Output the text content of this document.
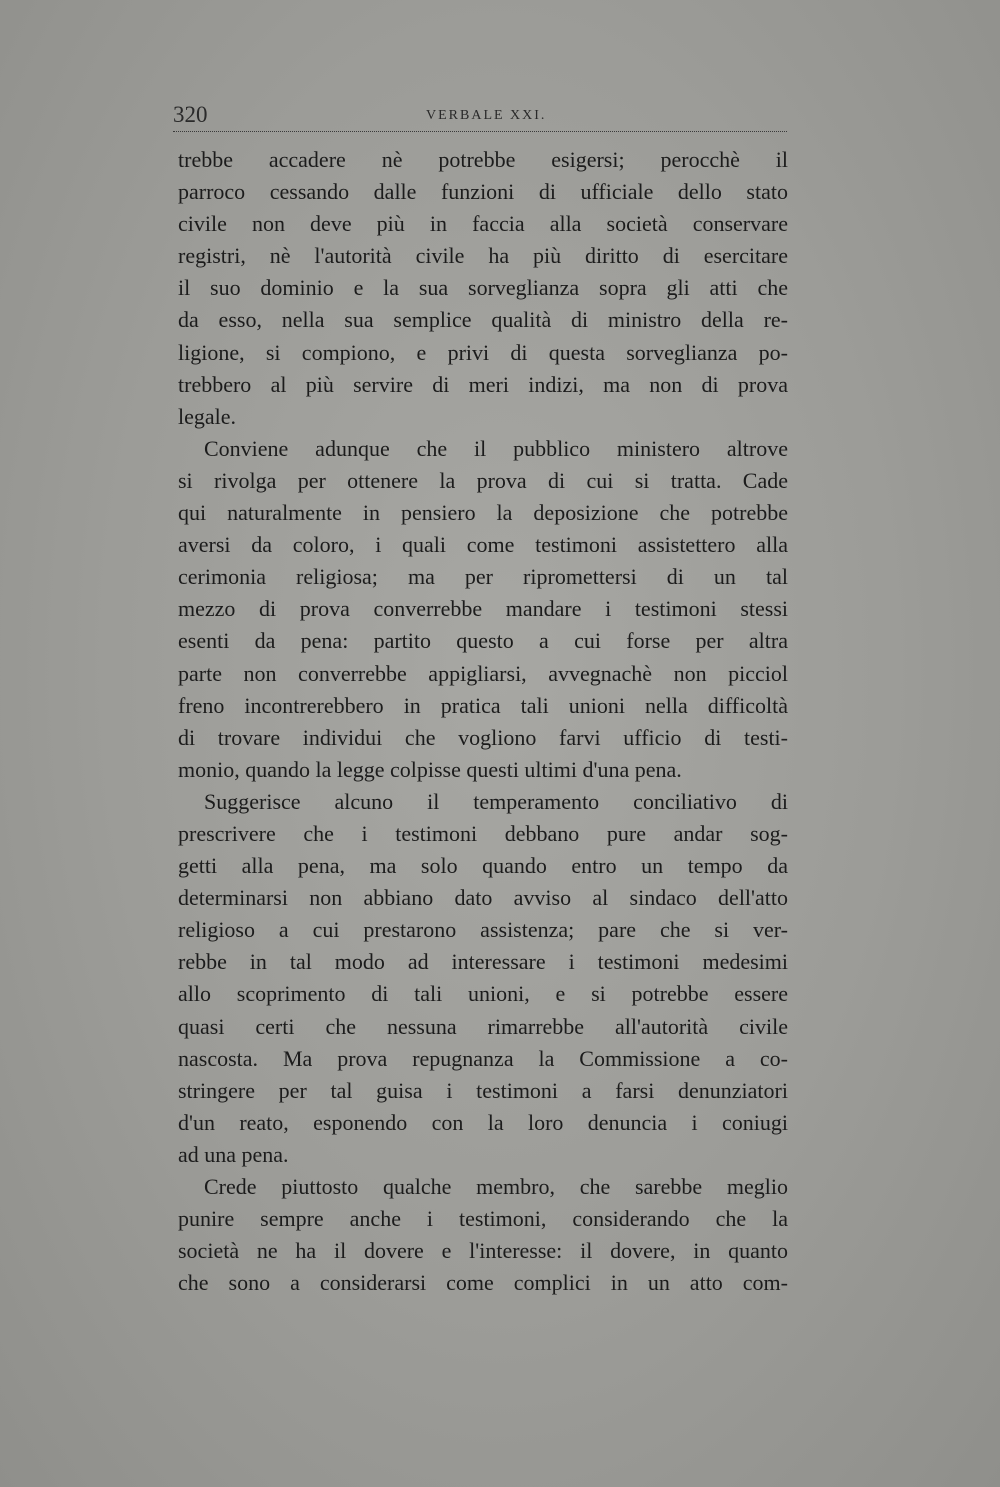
320	VERBALE XXI.
trebbe accadere nè potrebbe esigersi; perocchè il
parroco cessando dalle funzioni di ufficiale dello stato
civile non deve più in faccia alla società conservare
registri, nè l'autorità civile ha più diritto di esercitare
il suo dominio e la sua sorveglianza sopra gli atti che
da esso, nella sua semplice qualità di ministro della re-
ligione, si compiono, e privi di questa sorveglianza po-
trebbero al più servire di meri indizi, ma non di prova
legale.
Conviene adunque che il pubblico ministero altrove
si rivolga per ottenere la prova di cui si tratta. Cade
qui naturalmente in pensiero la deposizione che potrebbe
aversi da coloro, i quali come testimoni assistettero alla
cerimonia religiosa; ma per ripromettersi di un tal
mezzo di prova converrebbe mandare i testimoni stessi
esenti da pena: partito questo a cui forse per altra
parte non converrebbe appigliarsi, avvegnachè non picciol
freno incontrerebbero in pratica tali unioni nella difficoltà
di trovare individui che vogliono farvi ufficio di testi-
monio, quando la legge colpisse questi ultimi d'una pena.
Suggerisce alcuno il temperamento conciliativo di
prescrivere che i testimoni debbano pure andar sog-
getti alla pena, ma solo quando entro un tempo da
determinarsi non abbiano dato avviso al sindaco dell'atto
religioso a cui prestarono assistenza; pare che si ver-
rebbe in tal modo ad interessare i testimoni medesimi
allo scoprimento di tali unioni, e si potrebbe essere
quasi certi che nessuna rimarrebbe all'autorità civile
nascosta. Ma prova repugnanza la Commissione a co-
stringere per tal guisa i testimoni a farsi denunziatori
d'un reato, esponendo con la loro denuncia i coniugi
ad una pena.
Crede piuttosto qualche membro, che sarebbe meglio
punire sempre anche i testimoni, considerando che la
società ne ha il dovere e l'interesse: il dovere, in quanto
che sono a considerarsi come complici in un atto com-
